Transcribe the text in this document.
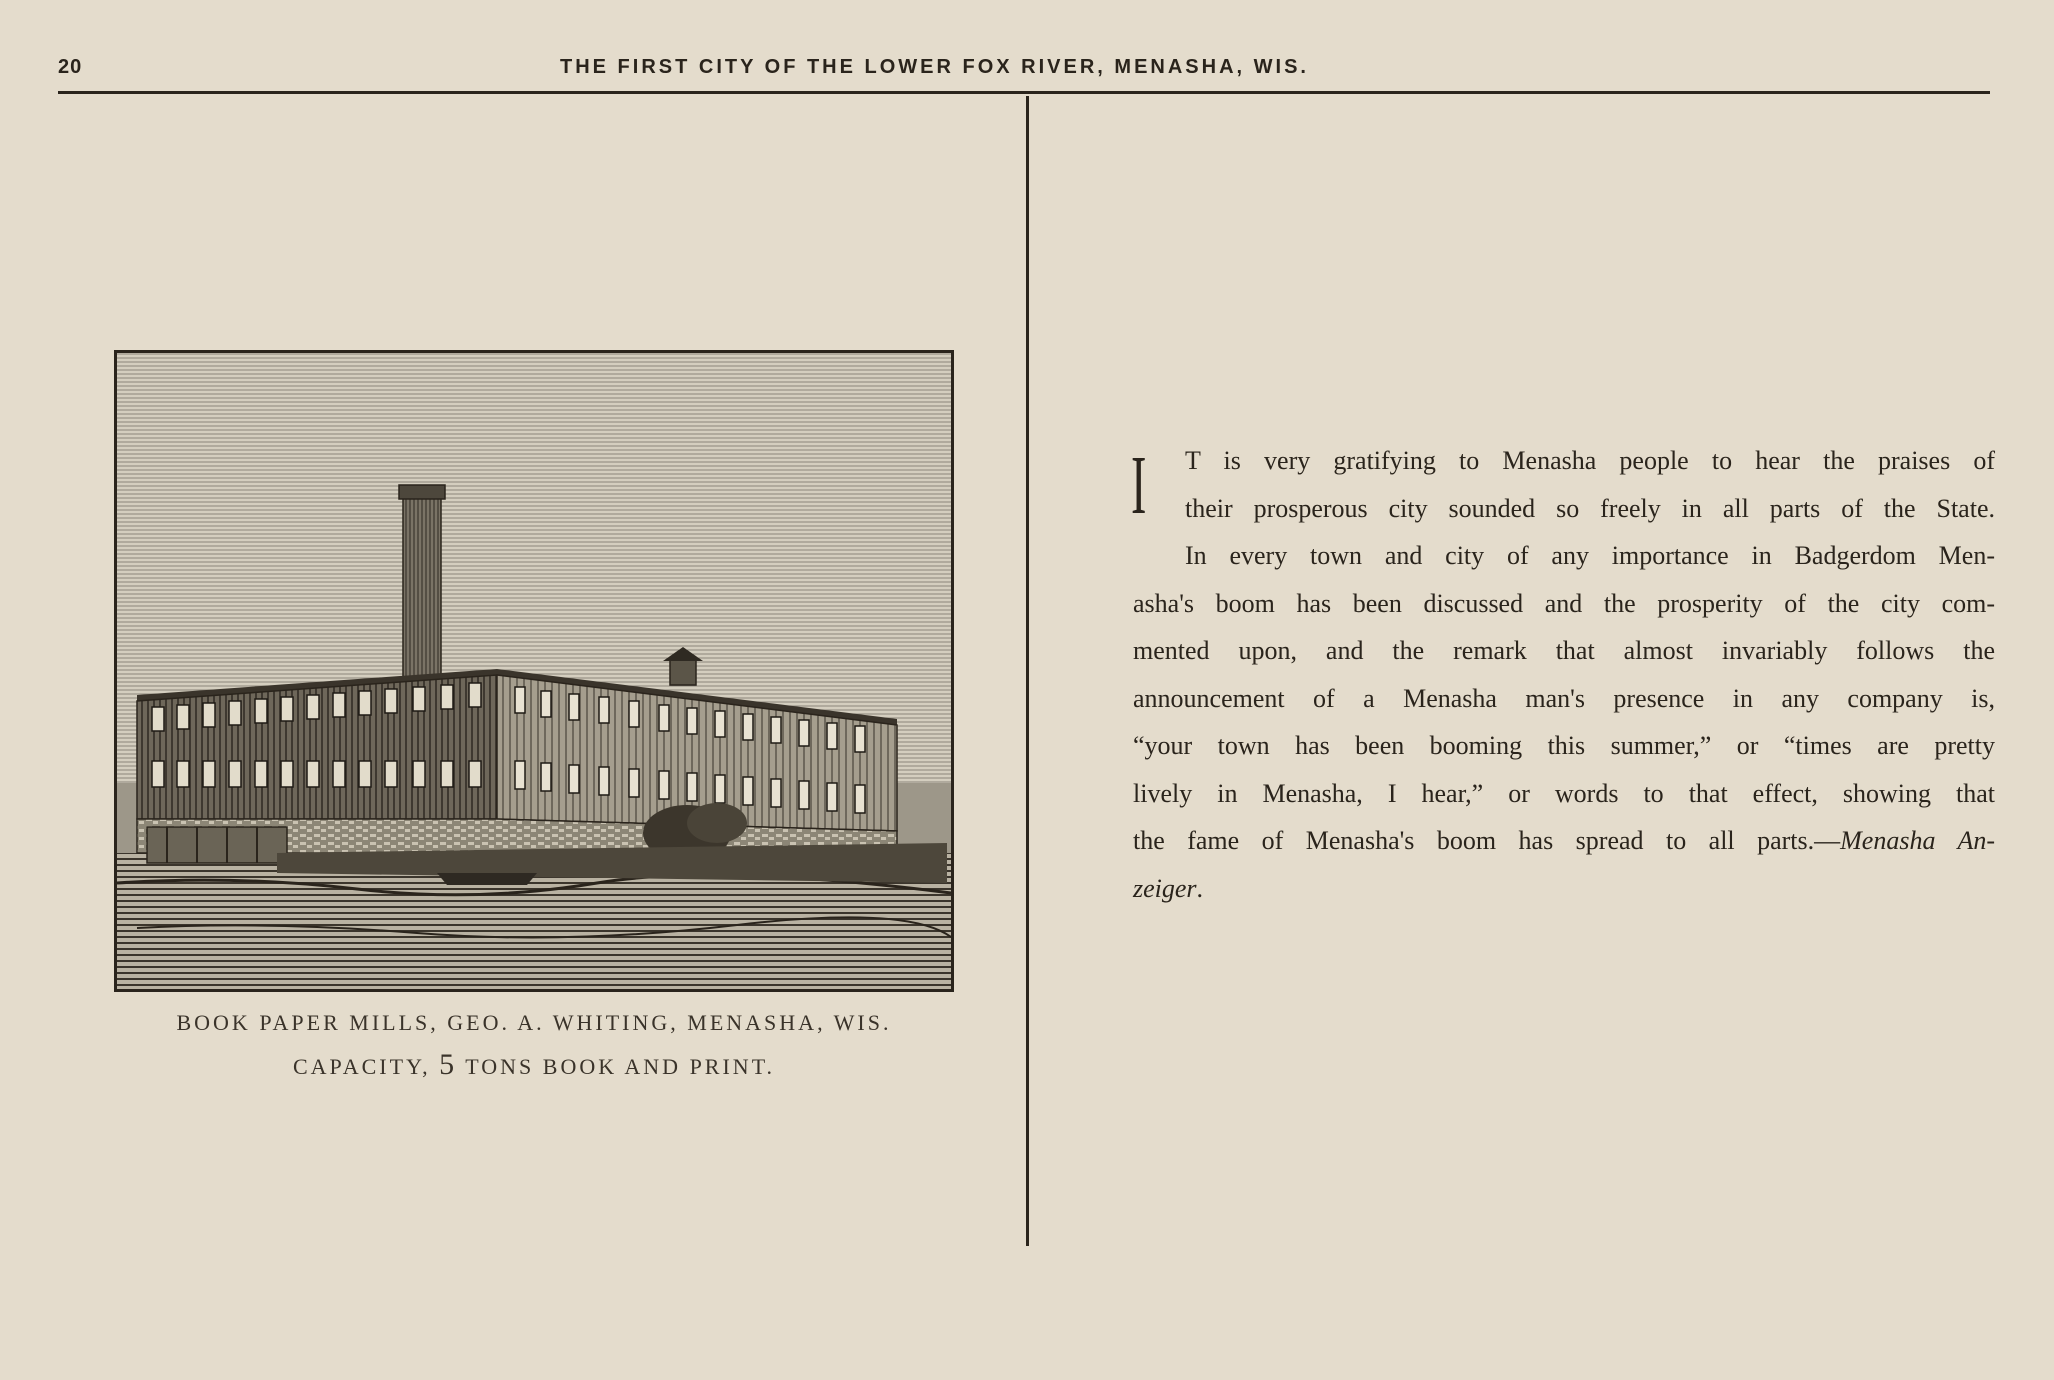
20	THE FIRST CITY OF THE LOWER FOX RIVER, MENASHA, WIS.
BOOK PAPER MILLS, GEO. A. WHITING, MENASHA, WIS.
CAPACITY, 5 TONS BOOK AND PRINT.
I	T is very gratifying to Menasha people to hear the praises of
their prosperous city sounded so freely in all parts of the State.
In every town and city of any importance in Badgerdom Men-
asha's boom has been discussed and the prosperity of the city com-
mented upon, and the remark that almost invariably follows the
announcement of a Menasha man's presence in any company is,
“your town has been booming this summer,” or “times are pretty
lively in Menasha, I hear,” or words to that effect, showing that
the fame of Menasha's boom has spread to all parts.—Menasha An-
zeiger.
